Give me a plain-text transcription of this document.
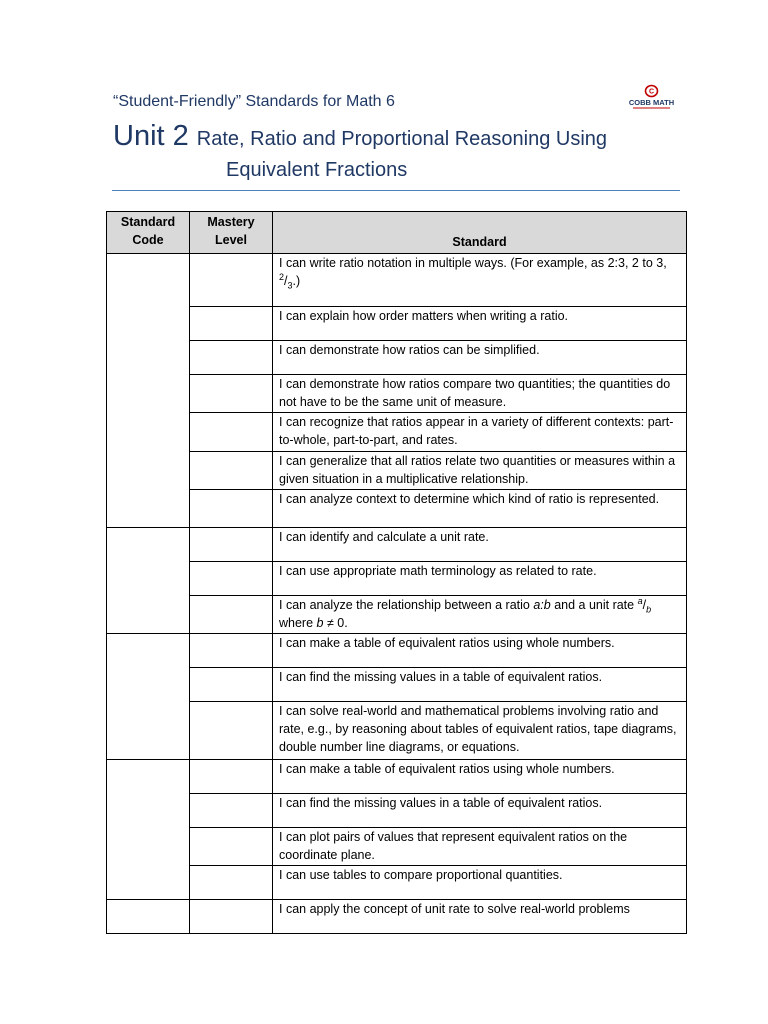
“Student-Friendly” Standards for Math 6
C
COBB MATH
Unit 2 Rate, Ratio and Proportional Reasoning Using
Equivalent Fractions
Standard Code	Mastery Level	Standard
		I can write ratio notation in multiple ways. (For example, as 2:3, 2 to 3, $^2/_3$.)
		I can explain how order matters when writing a ratio.
		I can demonstrate how ratios can be simplified.
		I can demonstrate how ratios compare two quantities; the quantities do not have to be the same unit of measure.
		I can recognize that ratios appear in a variety of different contexts: part-to-whole, part-to-part, and rates.
		I can generalize that all ratios relate two quantities or measures within a given situation in a multiplicative relationship.
		I can analyze context to determine which kind of ratio is represented.
		I can identify and calculate a unit rate.
		I can use appropriate math terminology as related to rate.
		I can analyze the relationship between a ratio a:b and a unit rate $^a/_b$ where b ≠ 0.
		I can make a table of equivalent ratios using whole numbers.
		I can find the missing values in a table of equivalent ratios.
		I can solve real-world and mathematical problems involving ratio and rate, e.g., by reasoning about tables of equivalent ratios, tape diagrams, double number line diagrams, or equations.
		I can make a table of equivalent ratios using whole numbers.
		I can find the missing values in a table of equivalent ratios.
		I can plot pairs of values that represent equivalent ratios on the coordinate plane.
		I can use tables to compare proportional quantities.
		I can apply the concept of unit rate to solve real-world problems
